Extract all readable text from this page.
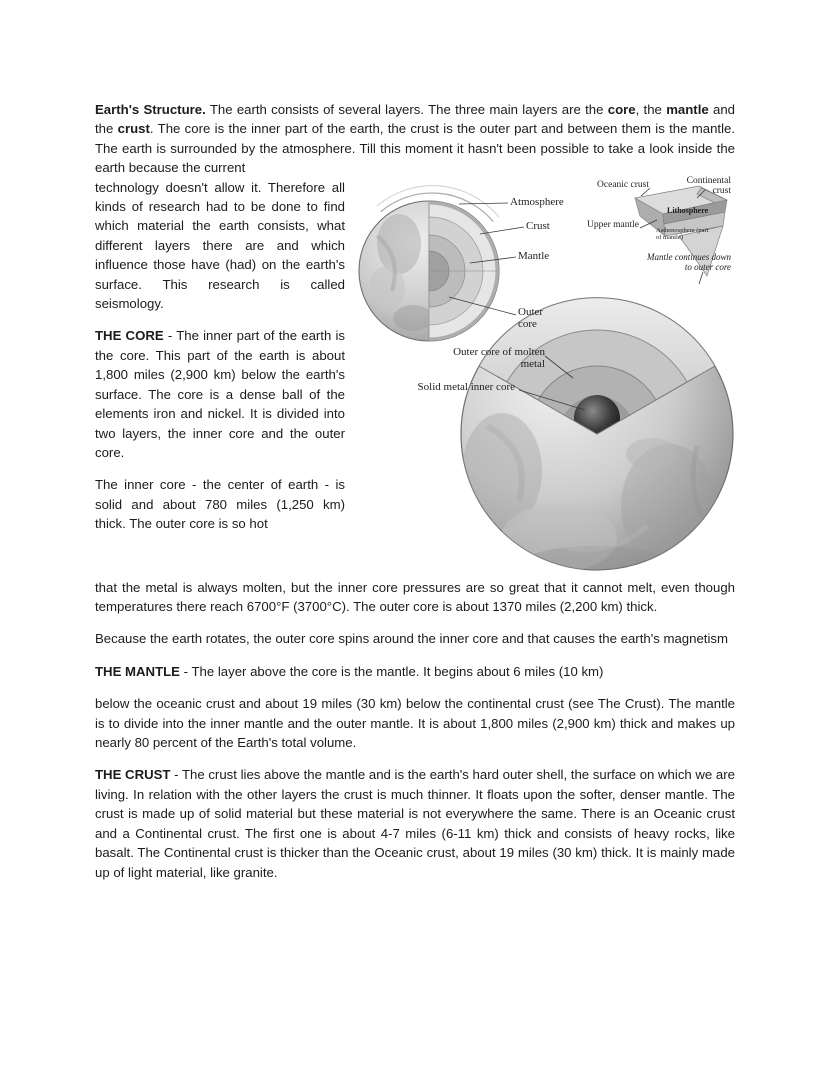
Earth's Structure. The earth consists of several layers. The three main layers are the core, the mantle and the crust. The core is the inner part of the earth, the crust is the outer part and between them is the mantle. The earth is surrounded by the atmosphere. Till this moment it hasn't been possible to take a look inside the earth because the current

technology doesn't allow it. Therefore all kinds of research had to be done to find which material the earth consists, what different layers there are and which influence those have (had) on the earth's surface. This research is called seismology.

THE CORE - The inner part of the earth is the core. This part of the earth is about 1,800 miles (2,900 km) below the earth's surface. The core is a dense ball of the elements iron and nickel. It is divided into two layers, the inner core and the outer core.

The inner core - the center of earth - is solid and about 780 miles (1,250 km) thick. The outer core is so hot

Atmosphere
Crust
Mantle
Outer core
Outer core of molten metal
Solid metal inner core
Oceanic crust	Continental crust
Lithosphere
Upper mantle
Asthenosphere (part of mantle)
Mantle continues down to outer core

that the metal is always molten, but the inner core pressures are so great that it cannot melt, even though temperatures there reach 6700°F (3700°C). The outer core is about 1370 miles (2,200 km) thick.

Because the earth rotates, the outer core spins around the inner core and that causes the earth's magnetism

THE MANTLE - The layer above the core is the mantle. It begins about 6 miles (10 km)

below the oceanic crust and about 19 miles (30 km) below the continental crust (see The Crust). The mantle is to divide into the inner mantle and the outer mantle. It is about 1,800 miles (2,900 km) thick and makes up nearly 80 percent of the Earth's total volume.

THE CRUST - The crust lies above the mantle and is the earth's hard outer shell, the surface on which we are living. In relation with the other layers the crust is much thinner. It floats upon the softer, denser mantle. The crust is made up of solid material but these material is not everywhere the same. There is an Oceanic crust and a Continental crust. The first one is about 4-7 miles (6-11 km) thick and consists of heavy rocks, like basalt. The Continental crust is thicker than the Oceanic crust, about 19 miles (30 km) thick. It is mainly made up of light material, like granite.
